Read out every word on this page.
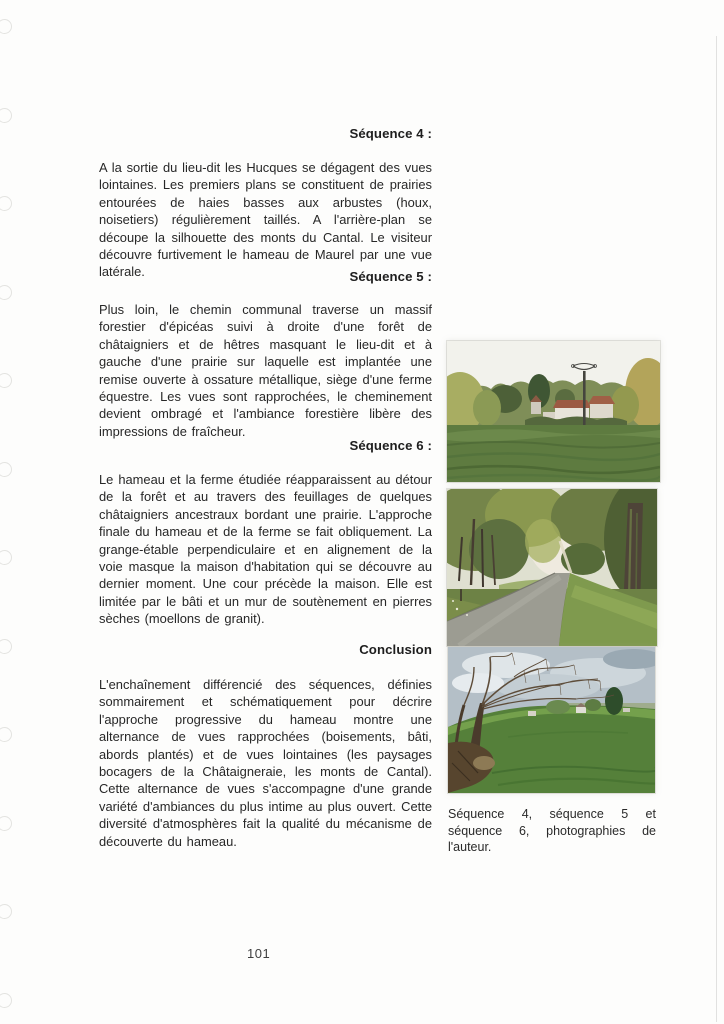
Séquence 4 :

A la sortie du lieu-dit les Hucques se dégagent des vues lointaines. Les premiers plans se constituent de prairies entourées de haies basses aux arbustes (houx, noisetiers) régulièrement taillés. A l'arrière-plan se découpe la silhouette des monts du Cantal. Le visiteur découvre furtivement le hameau de Maurel par une vue latérale.	Séquence 5 :

Plus loin, le chemin communal traverse un massif forestier d'épicéas suivi à droite d'une forêt de châtaigniers et de hêtres masquant le lieu-dit et à gauche d'une prairie sur laquelle est implantée une remise ouverte à ossature métallique, siège d'une ferme équestre. Les vues sont rapprochées, le cheminement devient ombragé et l'ambiance forestière libère des impressions de fraîcheur.

Séquence 6 :

Le hameau et la ferme étudiée réapparaissent au détour de la forêt et au travers des feuillages de quelques châtaigniers ancestraux bordant une prairie. L'approche finale du hameau et de la ferme se fait obliquement. La grange-étable perpendiculaire et en alignement de la voie masque la maison d'habitation qui se découvre au dernier moment. Une cour précède la maison. Elle est limitée par le bâti et un mur de soutènement en pierres sèches (moellons de granit).

Conclusion

L'enchaînement différencié des séquences, définies sommairement et schématiquement pour décrire l'approche progressive du hameau montre une alternance de vues rapprochées (boisements, bâti, abords plantés) et de vues lointaines (les paysages bocagers de la Châtaigneraie, les monts de Cantal). Cette alternance de vues s'accompagne d'une grande variété d'ambiances du plus intime au plus ouvert. Cette diversité d'atmosphères fait la qualité du mécanisme de découverte du hameau.

Séquence 4, séquence 5 et séquence 6, photographies de l'auteur.

101
